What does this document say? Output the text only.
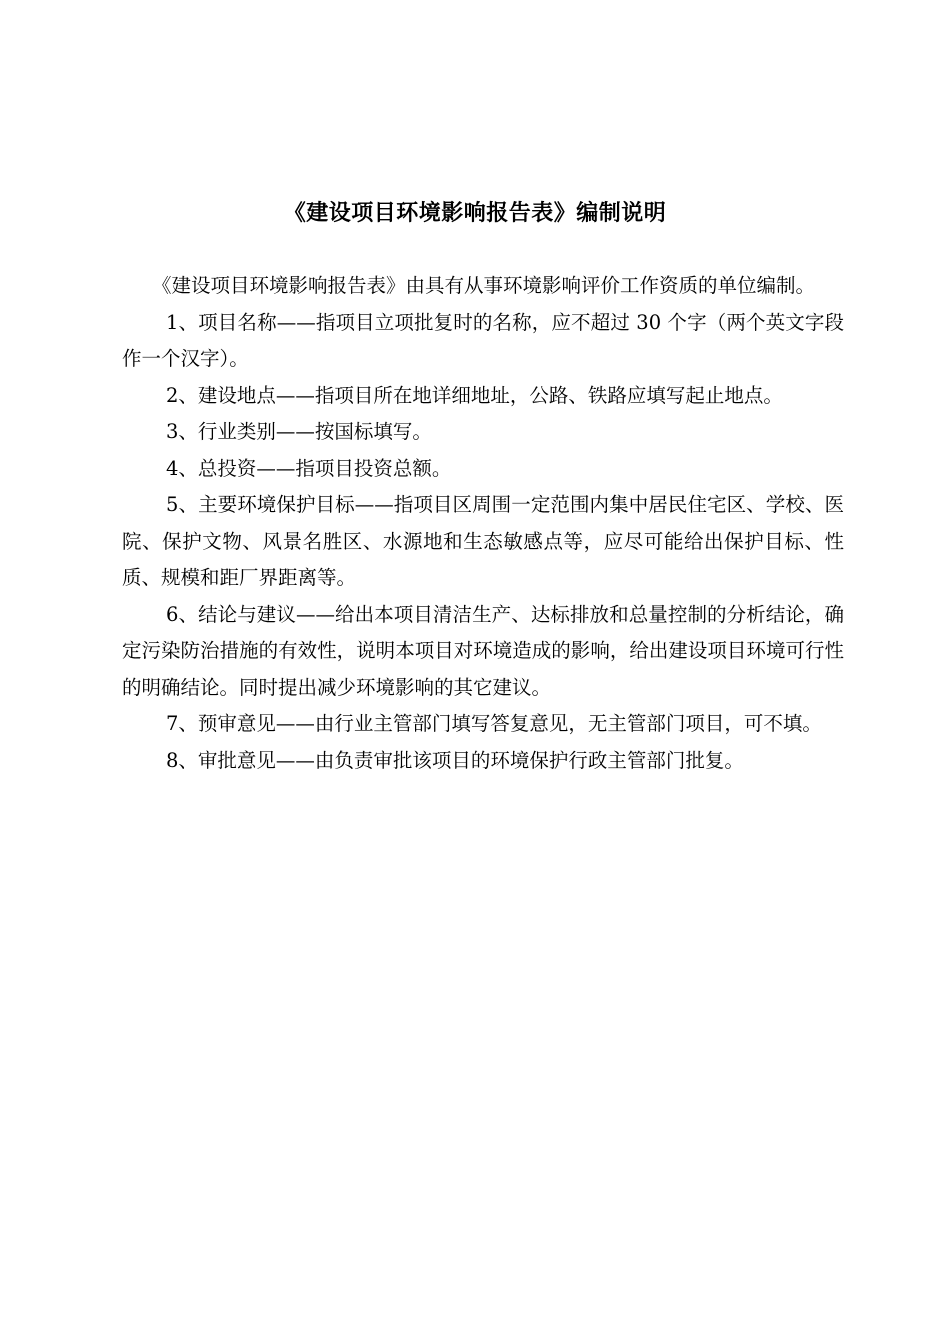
《建设项目环境影响报告表》编制说明

《建设项目环境影响报告表》由具有从事环境影响评价工作资质的单位编制。

1、项目名称——指项目立项批复时的名称，应不超过 30 个字（两个英文字段作一个汉字）。

2、建设地点——指项目所在地详细地址，公路、铁路应填写起止地点。

3、行业类别——按国标填写。

4、总投资——指项目投资总额。

5、主要环境保护目标——指项目区周围一定范围内集中居民住宅区、学校、医院、保护文物、风景名胜区、水源地和生态敏感点等，应尽可能给出保护目标、性质、规模和距厂界距离等。

6、结论与建议——给出本项目清洁生产、达标排放和总量控制的分析结论，确定污染防治措施的有效性，说明本项目对环境造成的影响，给出建设项目环境可行性的明确结论。同时提出减少环境影响的其它建议。

7、预审意见——由行业主管部门填写答复意见，无主管部门项目，可不填。

8、审批意见——由负责审批该项目的环境保护行政主管部门批复。
